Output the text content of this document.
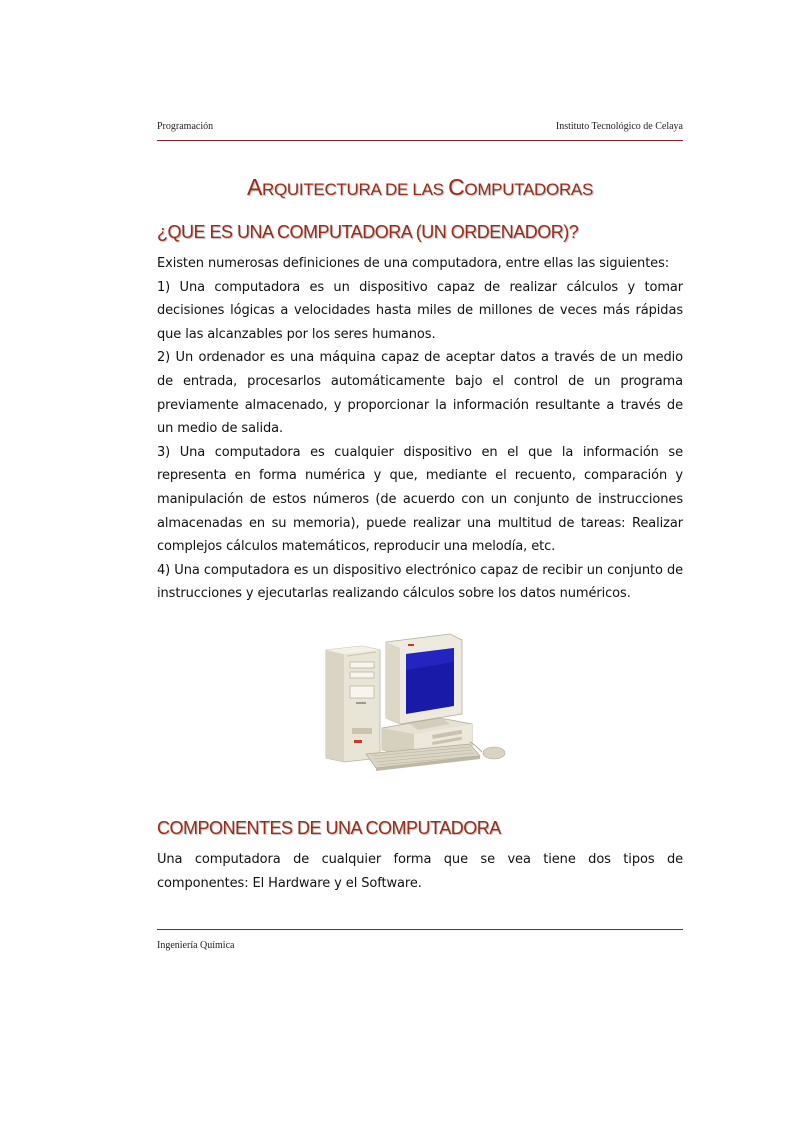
Programación	Instituto Tecnológico de Celaya
ARQUITECTURA DE LAS COMPUTADORAS
¿QUE ES UNA COMPUTADORA (UN ORDENADOR)?

Existen numerosas definiciones de una computadora, entre ellas las siguientes:

1) Una computadora es un dispositivo capaz de realizar cálculos y tomar decisiones lógicas a velocidades hasta miles de millones de veces más rápidas que las alcanzables por los seres humanos.

2) Un ordenador es una máquina capaz de aceptar datos a través de un medio de entrada, procesarlos automáticamente bajo el control de un programa previamente almacenado, y proporcionar la información resultante a través de un medio de salida.

3) Una computadora es cualquier dispositivo en el que la información se representa en forma numérica y que, mediante el recuento, comparación y manipulación de estos números (de acuerdo con un conjunto de instrucciones almacenadas en su memoria), puede realizar una multitud de tareas: Realizar complejos cálculos matemáticos, reproducir una melodía, etc.

4) Una computadora es un dispositivo electrónico capaz de recibir un conjunto de instrucciones y ejecutarlas realizando cálculos sobre los datos numéricos.

COMPONENTES DE UNA COMPUTADORA

Una computadora de cualquier forma que se vea tiene dos tipos de componentes: El Hardware y el Software.

Ingeniería Química
